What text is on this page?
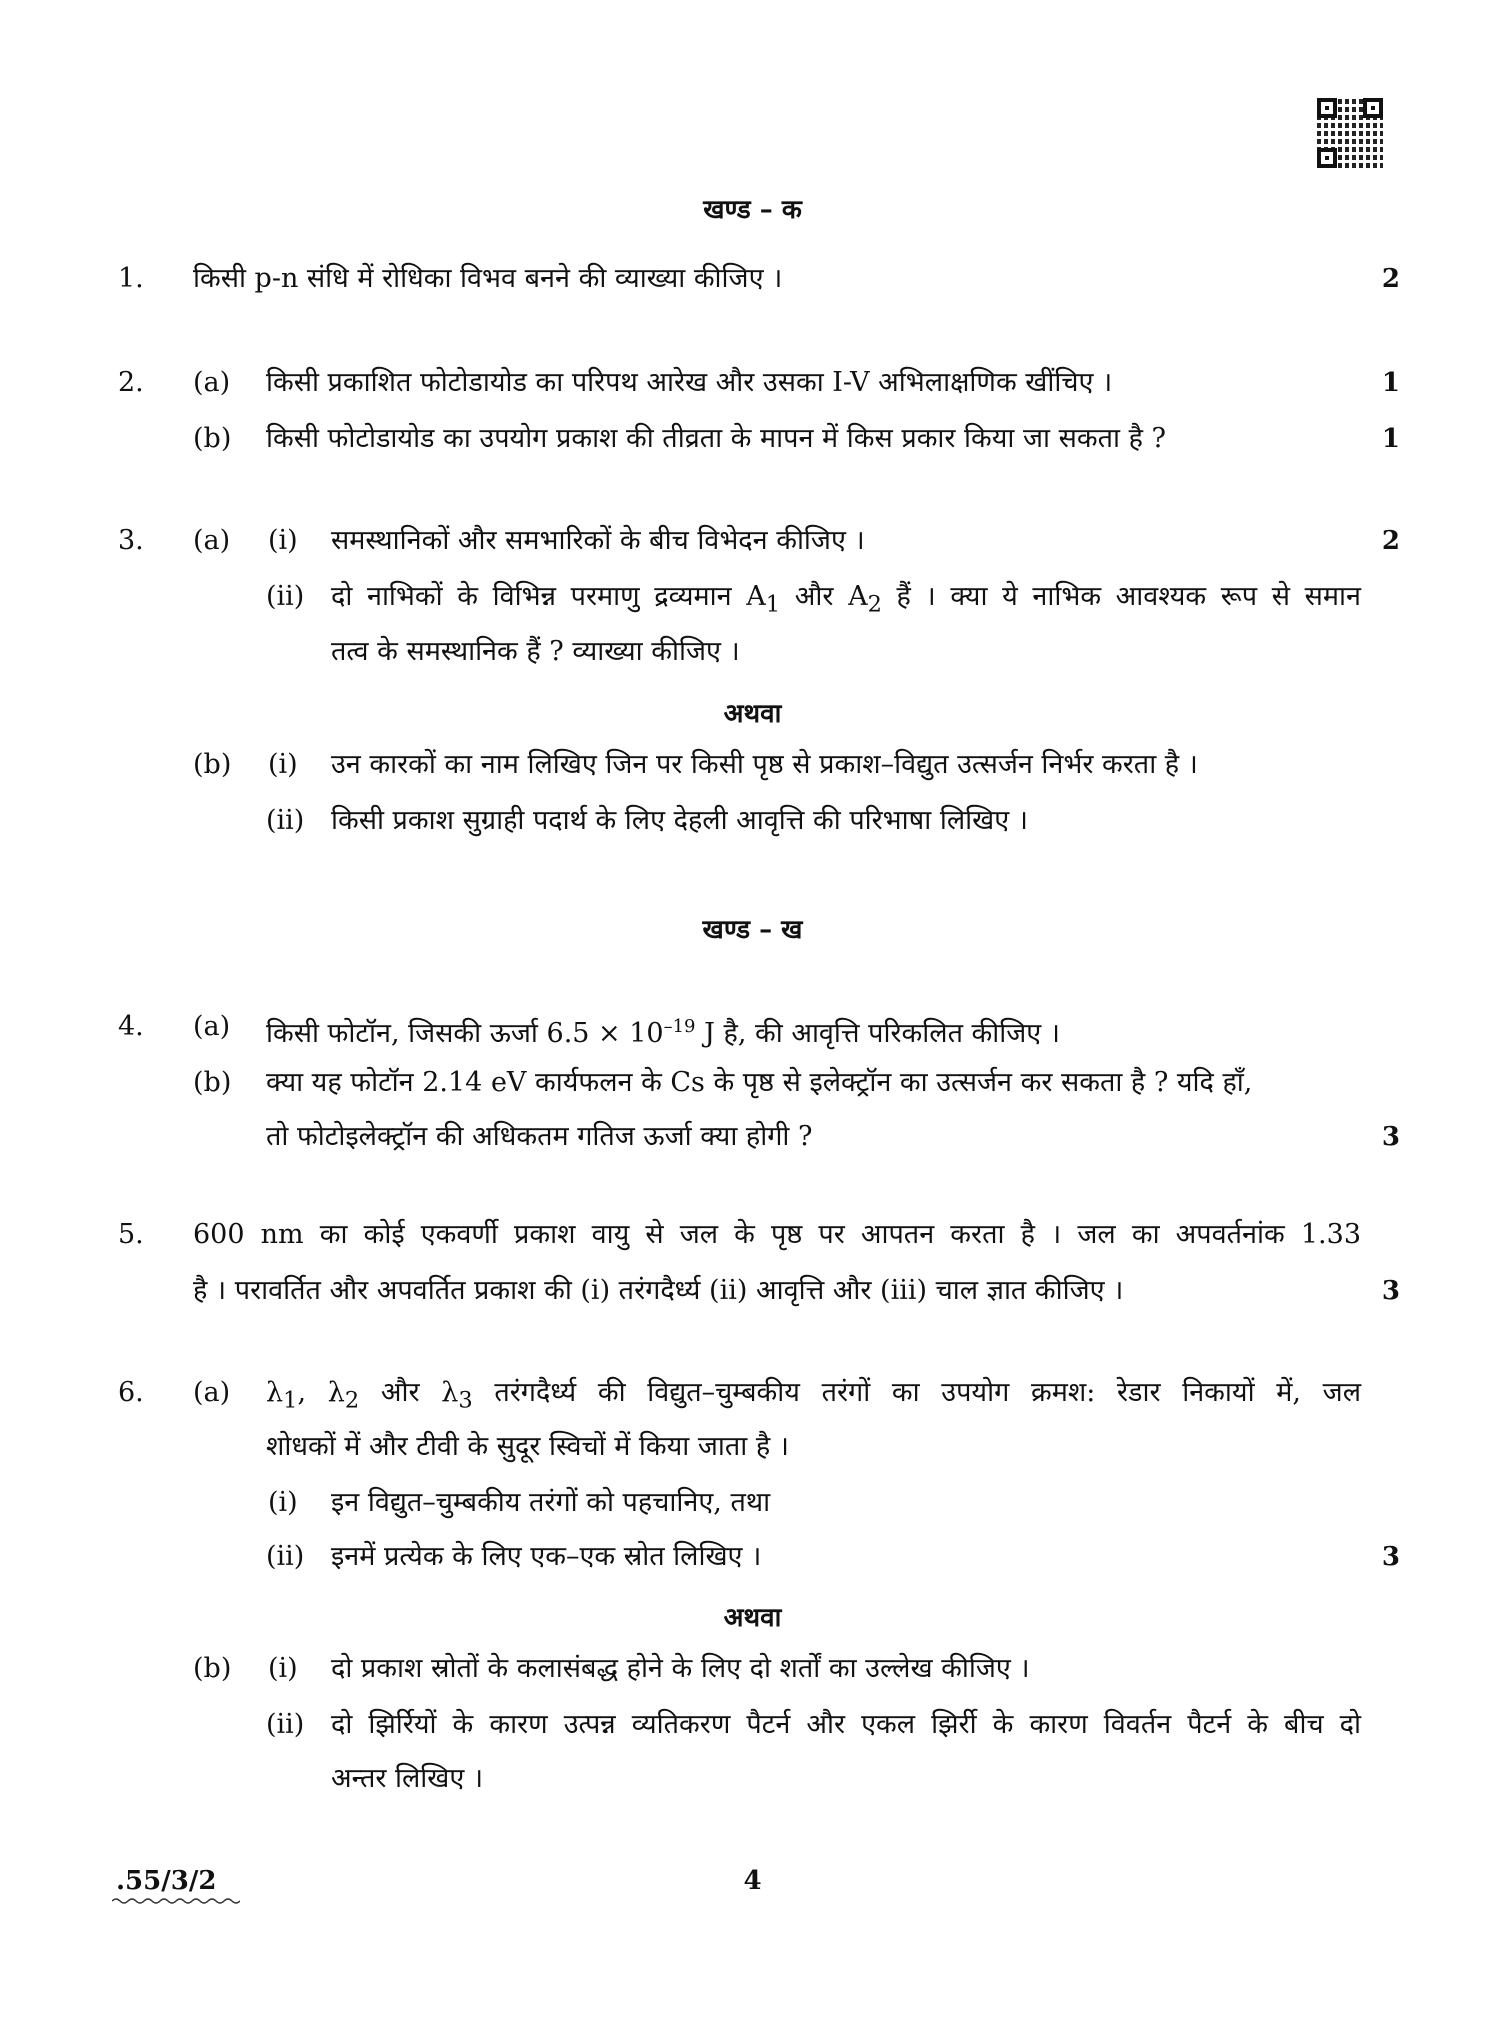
खण्ड – क
1. किसी p-n संधि में रोधिका विभव बनने की व्याख्या कीजिए ।	2
2. (a) किसी प्रकाशित फोटोडायोड का परिपथ आरेख और उसका I-V अभिलाक्षणिक खींचिए ।	1
(b) किसी फोटोडायोड का उपयोग प्रकाश की तीव्रता के मापन में किस प्रकार किया जा सकता है ?	1
3. (a) (i) समस्थानिकों और समभारिकों के बीच विभेदन कीजिए ।	2
(ii) दो नाभिकों के विभिन्न परमाणु द्रव्यमान $A_1$ और $A_2$ हैं । क्या ये नाभिक आवश्यक रूप से समान
तत्व के समस्थानिक हैं ? व्याख्या कीजिए ।
अथवा
(b) (i) उन कारकों का नाम लिखिए जिन पर किसी पृष्ठ से प्रकाश–विद्युत उत्सर्जन निर्भर करता है ।
(ii) किसी प्रकाश सुग्राही पदार्थ के लिए देहली आवृत्ति की परिभाषा लिखिए ।
खण्ड – ख
4. (a) किसी फोटॉन, जिसकी ऊर्जा $6.5 \times 10^{-19}$ J है, की आवृत्ति परिकलित कीजिए ।
(b) क्या यह फोटॉन 2.14 eV कार्यफलन के Cs के पृष्ठ से इलेक्ट्रॉन का उत्सर्जन कर सकता है ? यदि हाँ,
तो फोटोइलेक्ट्रॉन की अधिकतम गतिज ऊर्जा क्या होगी ?	3
5. 600 nm का कोई एकवर्णी प्रकाश वायु से जल के पृष्ठ पर आपतन करता है । जल का अपवर्तनांक 1.33
है । परावर्तित और अपवर्तित प्रकाश की (i) तरंगदैर्ध्य (ii) आवृत्ति और (iii) चाल ज्ञात कीजिए ।	3
6. (a) $\lambda_1$, $\lambda_2$ और $\lambda_3$ तरंगदैर्ध्य की विद्युत–चुम्बकीय तरंगों का उपयोग क्रमश: रेडार निकायों में, जल
शोधकों में और टीवी के सुदूर स्विचों में किया जाता है ।
(i) इन विद्युत–चुम्बकीय तरंगों को पहचानिए, तथा
(ii) इनमें प्रत्येक के लिए एक–एक स्रोत लिखिए ।	3
अथवा
(b) (i) दो प्रकाश स्रोतों के कलासंबद्ध होने के लिए दो शर्तों का उल्लेख कीजिए ।
(ii) दो झिर्रियों के कारण उत्पन्न व्यतिकरण पैटर्न और एकल झिर्री के कारण विवर्तन पैटर्न के बीच दो
अन्तर लिखिए ।
.55/3/2	4
